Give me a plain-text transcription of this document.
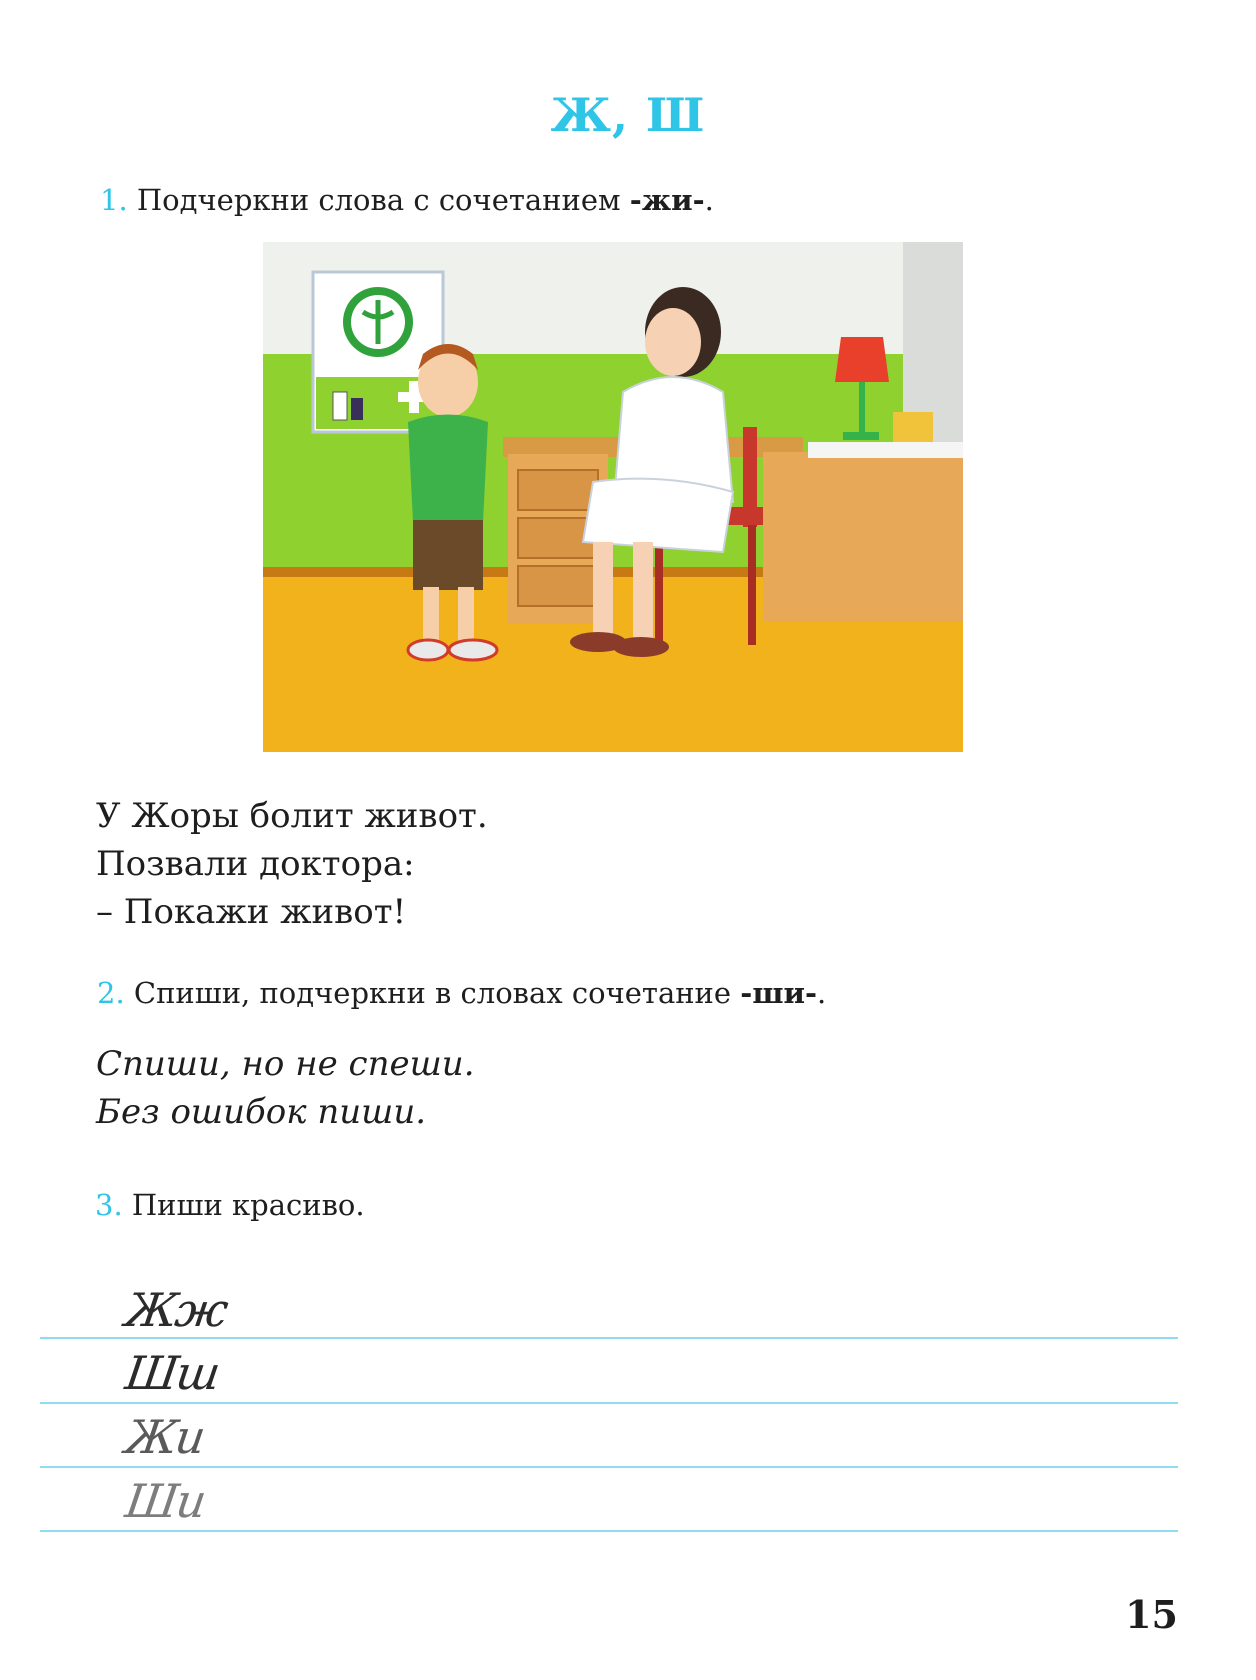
Ж, Ш
1. Подчеркни слова с сочетанием -жи-.
У Жоры болит живот.
Позвали доктора:
– Покажи живот!
2. Спиши, подчеркни в словах сочетание -ши-.
Спиши, но не спеши.
Без ошибок пиши.
3. Пиши красиво.
Жж
Шш
Жи
Ши
15
